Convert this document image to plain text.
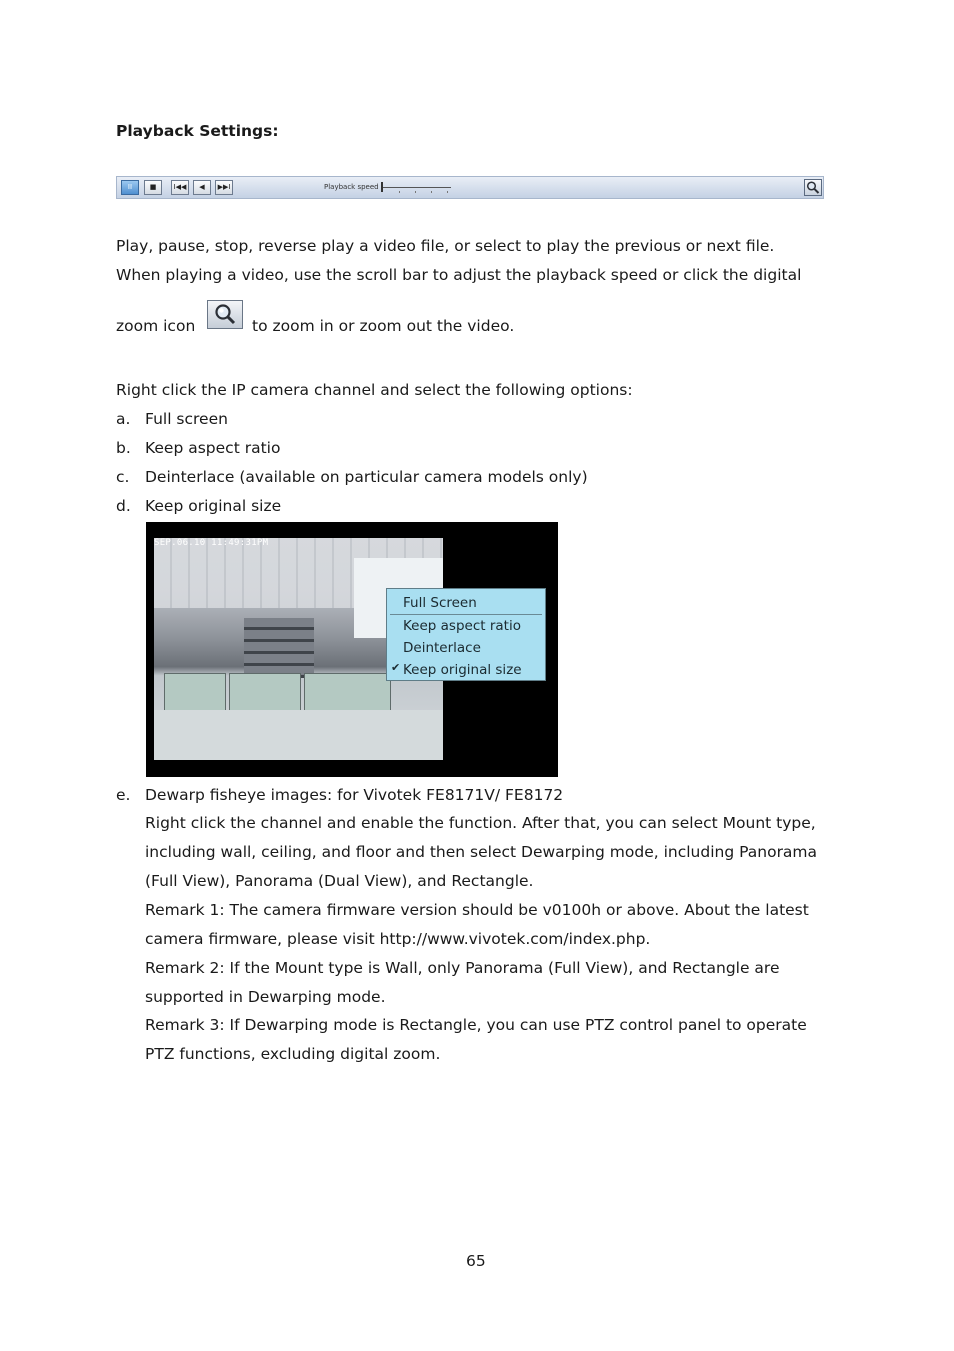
Playback Settings:
II	■	I◀◀	◀	▶▶I	Playback speed
Play, pause, stop, reverse play a video file, or select to play the previous or next file.
When playing a video, use the scroll bar to adjust the playback speed or click the digital
zoom icon	to zoom in or zoom out the video.
Right click the IP camera channel and select the following options:
a. Full screen
b. Keep aspect ratio
c. Deinterlace (available on particular camera models only)
d. Keep original size
SEP.06.10 11:49:31PM
Full Screen
Keep aspect ratio
Deinterlace
✔ Keep original size
e. Dewarp fisheye images: for Vivotek FE8171V/ FE8172
Right click the channel and enable the function. After that, you can select Mount type,
including wall, ceiling, and floor and then select Dewarping mode, including Panorama
(Full View), Panorama (Dual View), and Rectangle.
Remark 1: The camera firmware version should be v0100h or above. About the latest
camera firmware, please visit http://www.vivotek.com/index.php.
Remark 2: If the Mount type is Wall, only Panorama (Full View), and Rectangle are
supported in Dewarping mode.
Remark 3: If Dewarping mode is Rectangle, you can use PTZ control panel to operate
PTZ functions, excluding digital zoom.
65
